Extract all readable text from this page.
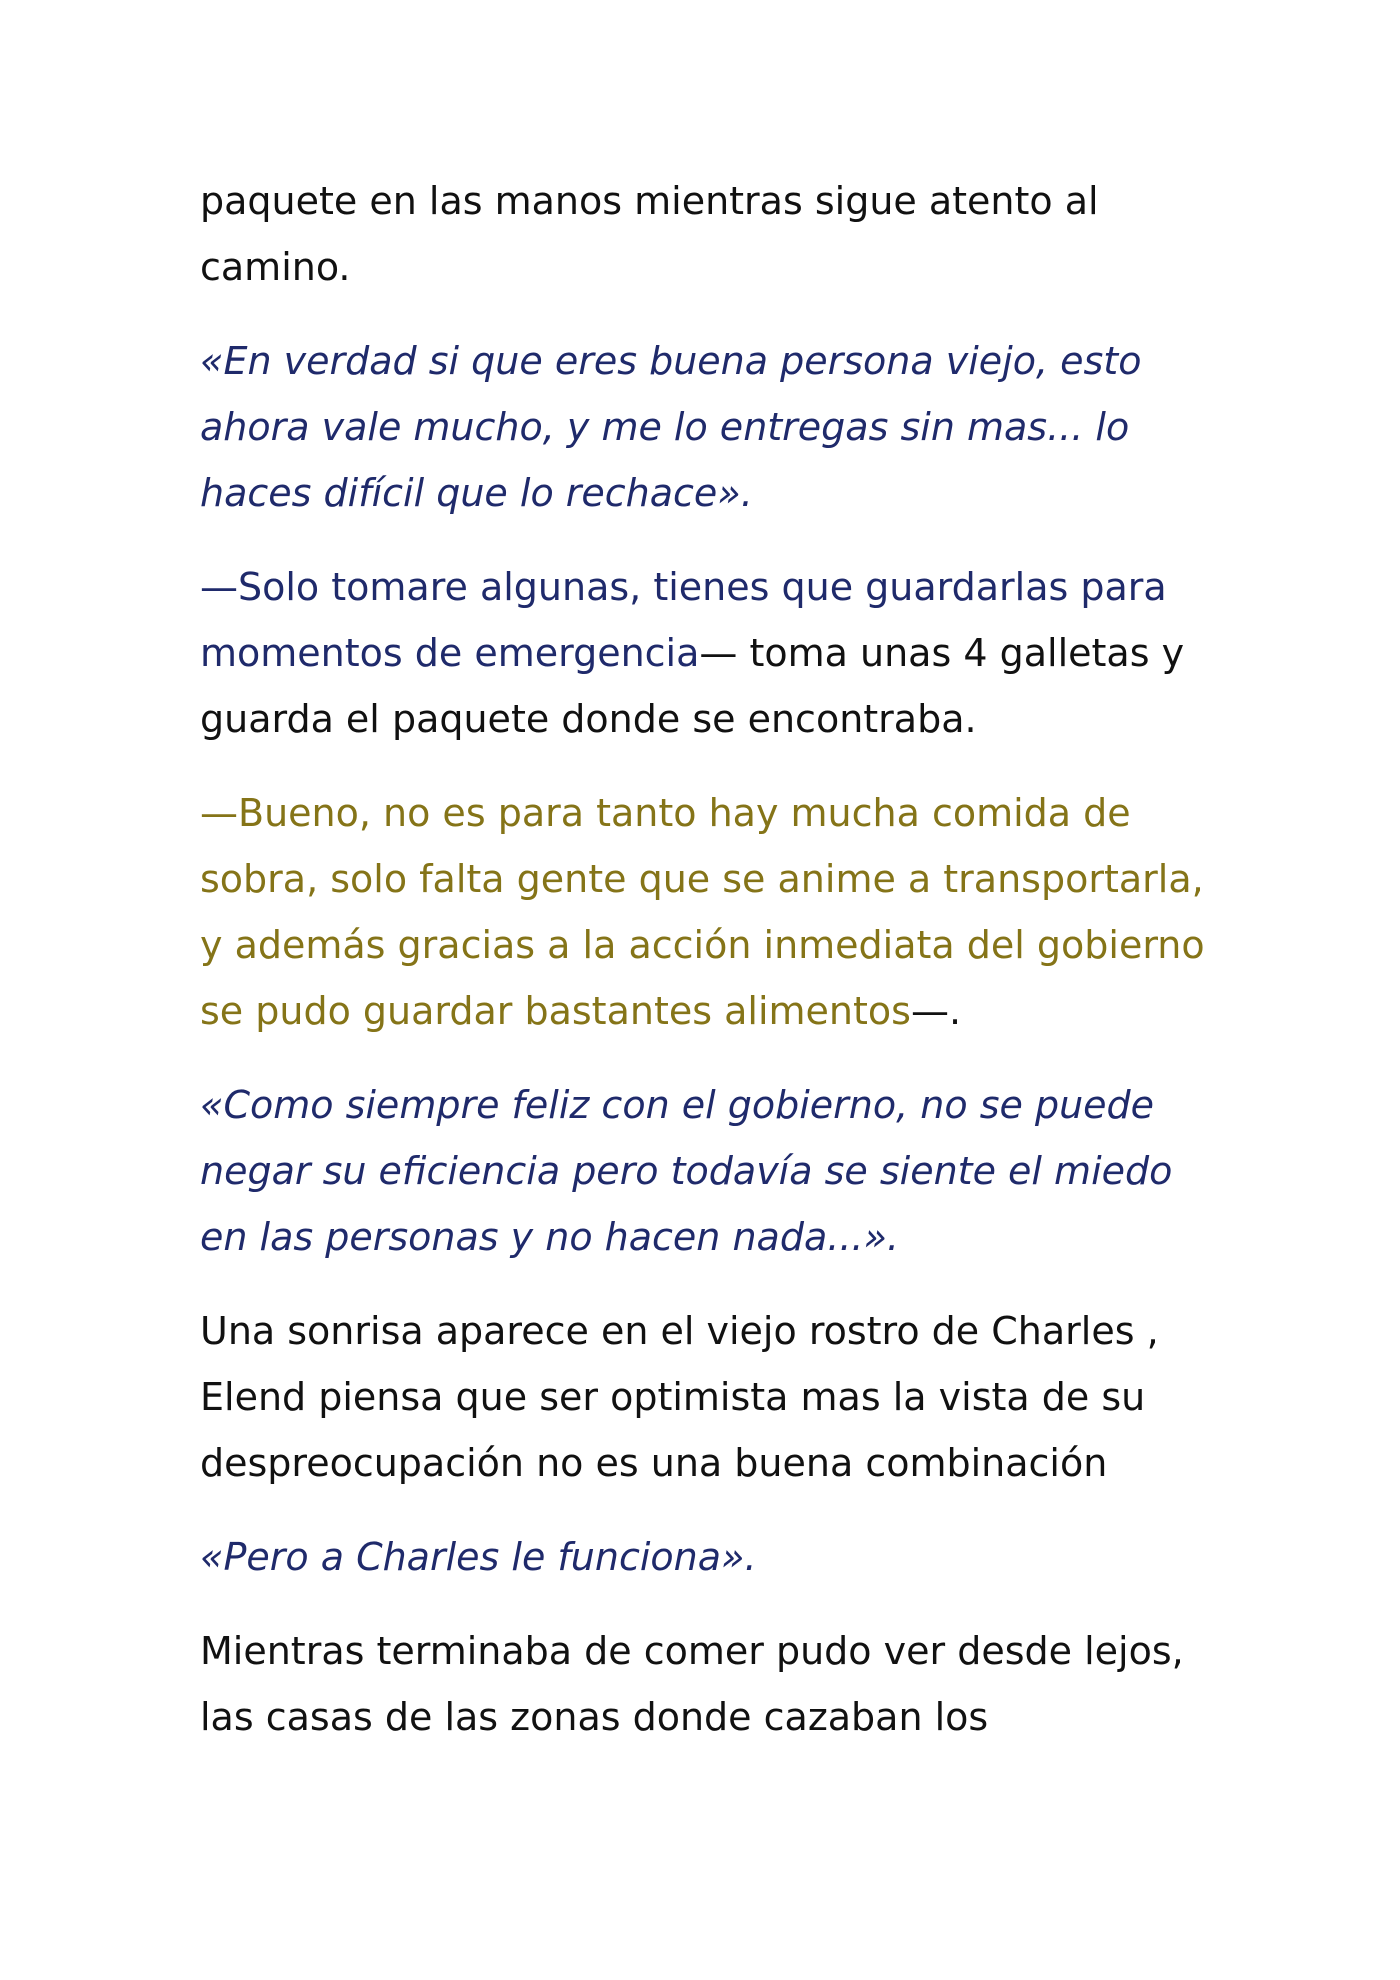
paquete en las manos mientras sigue atento al
camino.

«En verdad si que eres buena persona viejo, esto
ahora vale mucho, y me lo entregas sin mas... lo
haces difícil que lo rechace».

—Solo tomare algunas, tienes que guardarlas para
momentos de emergencia— toma unas 4 galletas y
guarda el paquete donde se encontraba.

—Bueno, no es para tanto hay mucha comida de
sobra, solo falta gente que se anime a transportarla,
y además gracias a la acción inmediata del gobierno
se pudo guardar bastantes alimentos—.

«Como siempre feliz con el gobierno, no se puede
negar su eficiencia pero todavía se siente el miedo
en las personas y no hacen nada...».

Una sonrisa aparece en el viejo rostro de Charles ,
Elend piensa que ser optimista mas la vista de su
despreocupación no es una buena combinación

«Pero a Charles le funciona».

Mientras terminaba de comer pudo ver desde lejos,
las casas de las zonas donde cazaban los
